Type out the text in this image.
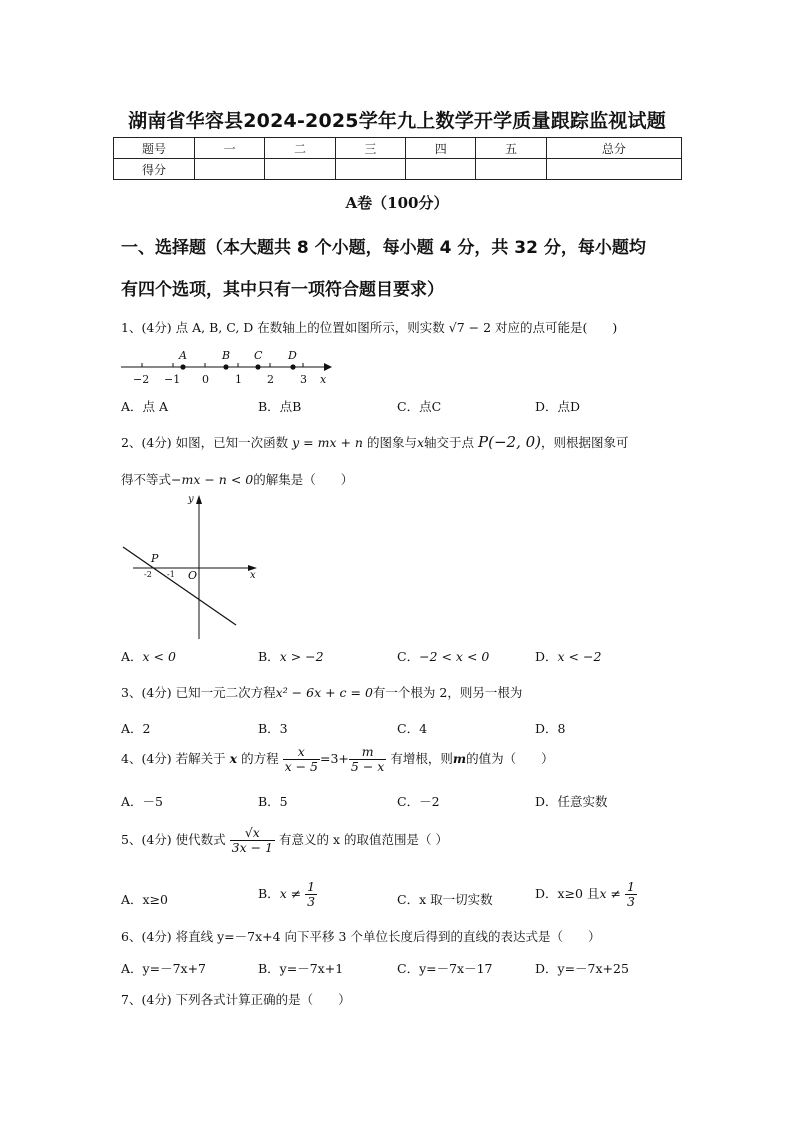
湖南省华容县2024-2025学年九上数学开学质量跟踪监视试题
题号	一	二	三	四	五	总分
得分						
A卷（100分）
一、选择题（本大题共 8 个小题，每小题 4 分，共 32 分，每小题均
有四个选项，其中只有一项符合题目要求）
1、(4分) 点 A, B, C, D 在数轴上的位置如图所示，则实数 √7 − 2 对应的点可能是(　　)
−2 −1 0 1 2 3 x
A	B C D
A．点 A	B．点B	C．点C	D．点D
2、(4分) 如图，已知一次函数 y = mx + n 的图象与x轴交于点 P(−2, 0)，则根据图象可
得不等式−mx − n < 0的解集是（　　）
y
x
P
O
-2 -1
A．x < 0	B．x > −2	C．−2 < x < 0	D．x < −2
3、(4分) 已知一元二次方程x² − 6x + c = 0有一个根为 2，则另一根为
A．2	B．3	C．4	D．8
4、(4分) 若解关于 x 的方程 $\frac{x}{x - 5} =3+ \frac{m}{5 - x}$ 有增根，则m的值为（　　）
A．－5	B．5	C．－2	D．任意实数
5、(4分) 使代数式 $\frac{√x}{3x - 1}$ 有意义的 x 的取值范围是（ ）
A．x≥0	B．$x \ne \frac{1}{3}$	C．x 取一切实数	D．x≥0 且$x \ne \frac{1}{3}$
6、(4分) 将直线 y=－7x+4 向下平移 3 个单位长度后得到的直线的表达式是（　　）
A．y=－7x+7	B．y=－7x+1	C．y=－7x－17	D．y=－7x+25
7、(4分) 下列各式计算正确的是（　　）
